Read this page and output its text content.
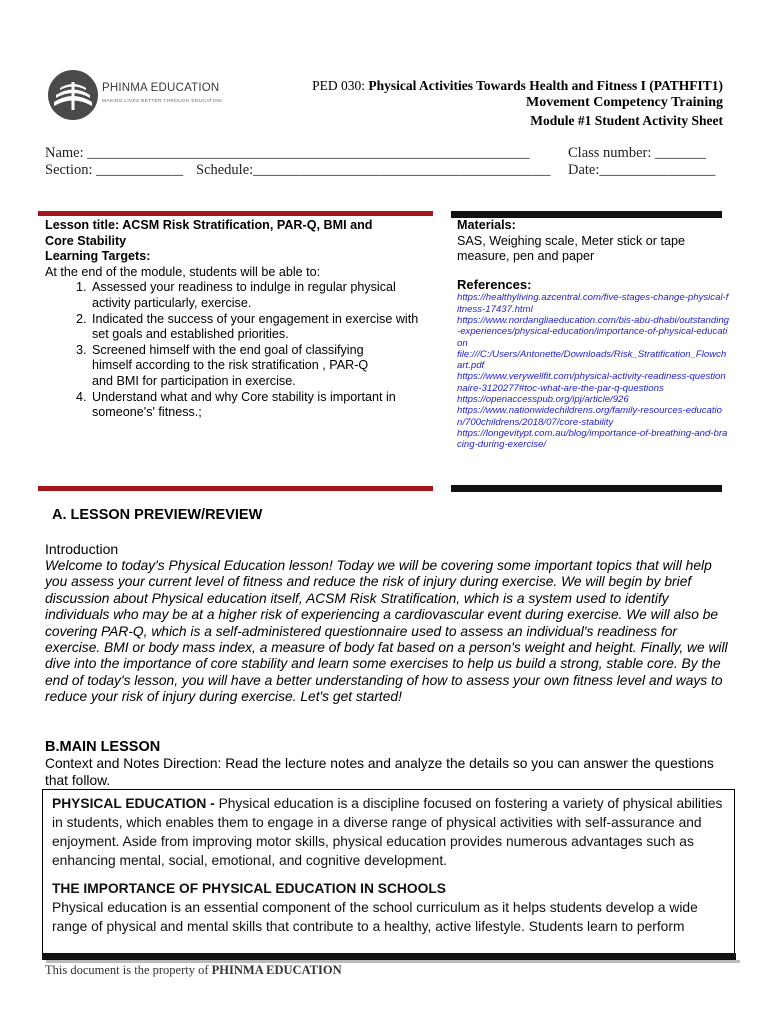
PHINMA EDUCATION
MAKING LIVES BETTER THROUGH EDUCATION
PED 030: Physical Activities Towards Health and Fitness I (PATHFIT1)
Movement Competency Training
Module #1 Student Activity Sheet
Name: _____________________________________________________________	Class number: _______
Section: ____________ Schedule:_________________________________________ Date:________________
Lesson title: ACSM Risk Stratification, PAR-Q, BMI and
Core Stability
Learning Targets:
At the end of the module, students will be able to:
1. Assessed your readiness to indulge in regular physical activity particularly, exercise.
2. Indicated the success of your engagement in exercise with set goals and established priorities.
3. Screened himself with the end goal of classifying himself according to the risk stratification , PAR-Q and BMI for participation in exercise.
4. Understand what and why Core stability is important in someone's' fitness.;
Materials:
SAS, Weighing scale, Meter stick or tape measure, pen and paper
References:
https://healthyliving.azcentral.com/five-stages-change-physical-fitness-17437.html
https://www.nordangliaeducation.com/bis-abu-dhabi/outstanding-experiences/physical-education/importance-of-physical-education
file:///C:/Users/Antonette/Downloads/Risk_Stratification_Flowchart.pdf
https://www.verywellfit.com/physical-activity-readiness-questionnaire-3120277#toc-what-are-the-par-q-questions
https://openaccesspub.org/ipj/article/926
https://www.nationwidechildrens.org/family-resources-education/700childrens/2018/07/core-stability
https://longevitypt.com.au/blog/importance-of-breathing-and-bracing-during-exercise/
A. LESSON PREVIEW/REVIEW
Introduction
Welcome to today's Physical Education lesson! Today we will be covering some important topics that will help you assess your current level of fitness and reduce the risk of injury during exercise. We will begin by brief discussion about Physical education itself, ACSM Risk Stratification, which is a system used to identify individuals who may be at a higher risk of experiencing a cardiovascular event during exercise. We will also be covering PAR-Q, which is a self-administered questionnaire used to assess an individual's readiness for exercise. BMI or body mass index, a measure of body fat based on a person's weight and height. Finally, we will dive into the importance of core stability and learn some exercises to help us build a strong, stable core. By the end of today's lesson, you will have a better understanding of how to assess your own fitness level and ways to reduce your risk of injury during exercise. Let's get started!
B.MAIN LESSON
Context and Notes Direction: Read the lecture notes and analyze the details so you can answer the questions that follow.

PHYSICAL EDUCATION - Physical education is a discipline focused on fostering a variety of physical abilities in students, which enables them to engage in a diverse range of physical activities with self-assurance and enjoyment. Aside from improving motor skills, physical education provides numerous advantages such as enhancing mental, social, emotional, and cognitive development.

THE IMPORTANCE OF PHYSICAL EDUCATION IN SCHOOLS

Physical education is an essential component of the school curriculum as it helps students develop a wide range of physical and mental skills that contribute to a healthy, active lifestyle. Students learn to perform

This document is the property of PHINMA EDUCATION
